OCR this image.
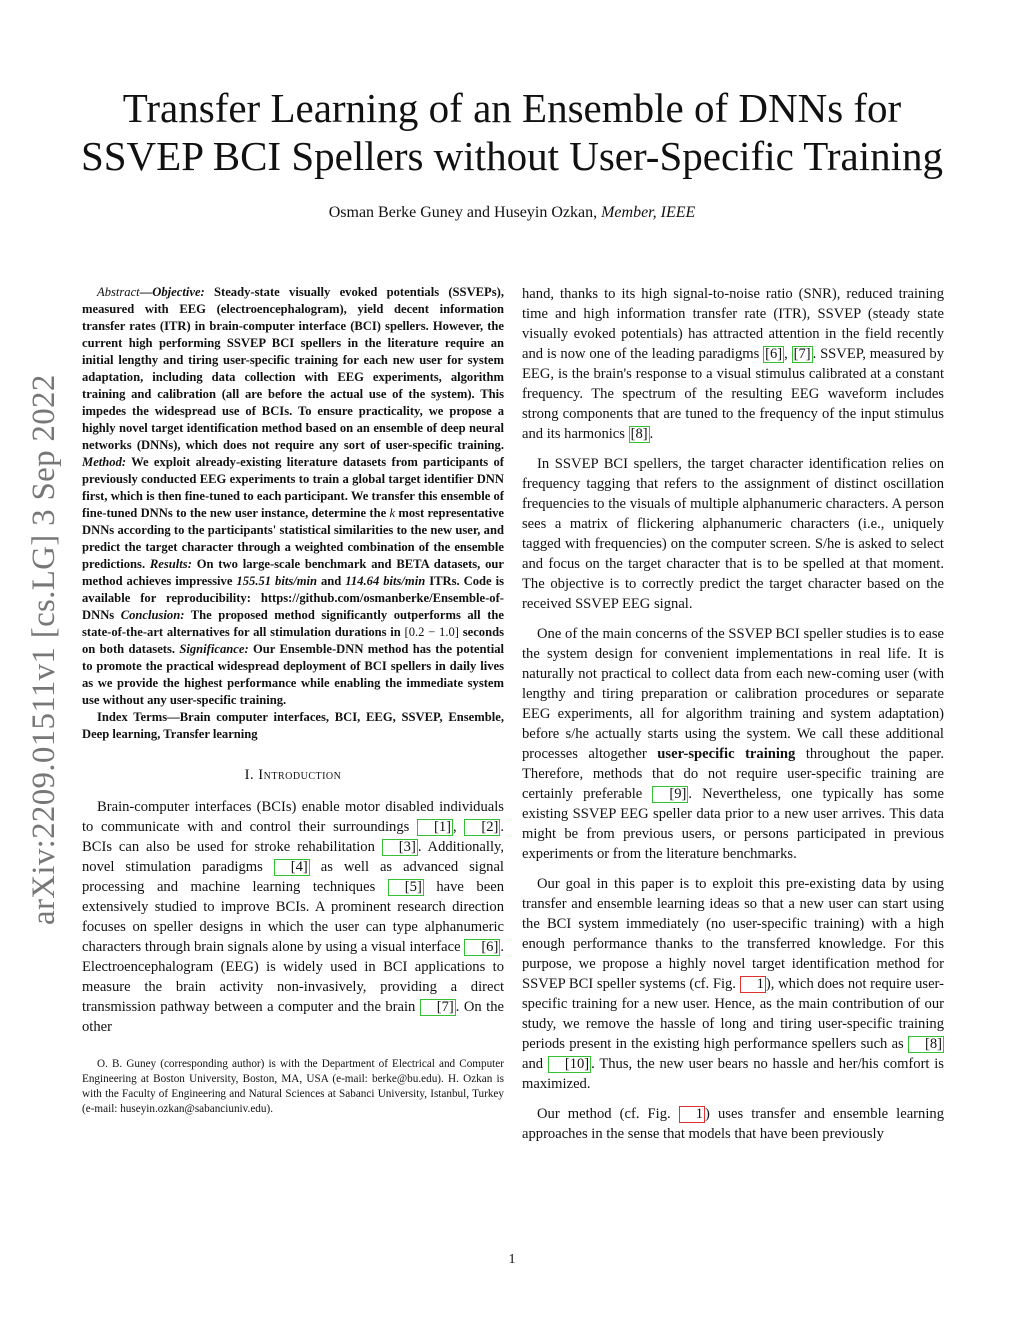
arXiv:2209.01511v1 [cs.LG] 3 Sep 2022
Transfer Learning of an Ensemble of DNNs for
SSVEP BCI Spellers without User-Specific Training
Osman Berke Guney and Huseyin Ozkan, Member, IEEE

Abstract—Objective: Steady-state visually evoked potentials (SSVEPs), measured with EEG (electroencephalogram), yield decent information transfer rates (ITR) in brain-computer interface (BCI) spellers. However, the current high performing SSVEP BCI spellers in the literature require an initial lengthy and tiring user-specific training for each new user for system adaptation, including data collection with EEG experiments, algorithm training and calibration (all are before the actual use of the system). This impedes the widespread use of BCIs. To ensure practicality, we propose a highly novel target identification method based on an ensemble of deep neural networks (DNNs), which does not require any sort of user-specific training. Method: We exploit already-existing literature datasets from participants of previously conducted EEG experiments to train a global target identifier DNN first, which is then fine-tuned to each participant. We transfer this ensemble of fine-tuned DNNs to the new user instance, determine the k most representative DNNs according to the participants' statistical similarities to the new user, and predict the target character through a weighted combination of the ensemble predictions. Results: On two large-scale benchmark and BETA datasets, our method achieves impressive 155.51 bits/min and 114.64 bits/min ITRs. Code is available for reproducibility: https://github.com/osmanberke/Ensemble-of-DNNs Conclusion: The proposed method significantly outperforms all the state-of-the-art alternatives for all stimulation durations in [0.2 − 1.0] seconds on both datasets. Significance: Our Ensemble-DNN method has the potential to promote the practical widespread deployment of BCI spellers in daily lives as we provide the highest performance while enabling the immediate system use without any user-specific training.

Index Terms—Brain computer interfaces, BCI, EEG, SSVEP, Ensemble, Deep learning, Transfer learning

I. Introduction

Brain-computer interfaces (BCIs) enable motor disabled individuals to communicate with and control their surroundings [1] , [2] . BCIs can also be used for stroke rehabilitation [3] . Additionally, novel stimulation paradigms [4] as well as advanced signal processing and machine learning techniques [5] have been extensively studied to improve BCIs. A prominent research direction focuses on speller designs in which the user can type alphanumeric characters through brain signals alone by using a visual interface [6] . Electroencephalogram (EEG) is widely used in BCI applications to measure the brain activity non-invasively, providing a direct transmission pathway between a computer and the brain [7] . On the other

O. B. Guney (corresponding author) is with the Department of Electrical and Computer Engineering at Boston University, Boston, MA, USA (e-mail: berke@bu.edu). H. Ozkan is with the Faculty of Engineering and Natural Sciences at Sabanci University, Istanbul, Turkey (e-mail: huseyin.ozkan@sabanciuniv.edu).

hand, thanks to its high signal-to-noise ratio (SNR), reduced training time and high information transfer rate (ITR), SSVEP (steady state visually evoked potentials) has attracted attention in the field recently and is now one of the leading paradigms [6] , [7] . SSVEP, measured by EEG, is the brain's response to a visual stimulus calibrated at a constant frequency. The spectrum of the resulting EEG waveform includes strong components that are tuned to the frequency of the input stimulus and its harmonics [8] .

In SSVEP BCI spellers, the target character identification relies on frequency tagging that refers to the assignment of distinct oscillation frequencies to the visuals of multiple alphanumeric characters. A person sees a matrix of flickering alphanumeric characters (i.e., uniquely tagged with frequencies) on the computer screen. S/he is asked to select and focus on the target character that is to be spelled at that moment. The objective is to correctly predict the target character based on the received SSVEP EEG signal.

One of the main concerns of the SSVEP BCI speller studies is to ease the system design for convenient implementations in real life. It is naturally not practical to collect data from each new-coming user (with lengthy and tiring preparation or calibration procedures or separate EEG experiments, all for algorithm training and system adaptation) before s/he actually starts using the system. We call these additional processes altogether user-specific training throughout the paper. Therefore, methods that do not require user-specific training are certainly preferable [9] . Nevertheless, one typically has some existing SSVEP EEG speller data prior to a new user arrives. This data might be from previous users, or persons participated in previous experiments or from the literature benchmarks.

Our goal in this paper is to exploit this pre-existing data by using transfer and ensemble learning ideas so that a new user can start using the BCI system immediately (no user-specific training) with a high enough performance thanks to the transferred knowledge. For this purpose, we propose a highly novel target identification method for SSVEP BCI speller systems (cf. Fig. 1 ), which does not require user-specific training for a new user. Hence, as the main contribution of our study, we remove the hassle of long and tiring user-specific training periods present in the existing high performance spellers such as [8] and [10] . Thus, the new user bears no hassle and her/his comfort is maximized.

Our method (cf. Fig. 1 ) uses transfer and ensemble learning approaches in the sense that models that have been previously

1
